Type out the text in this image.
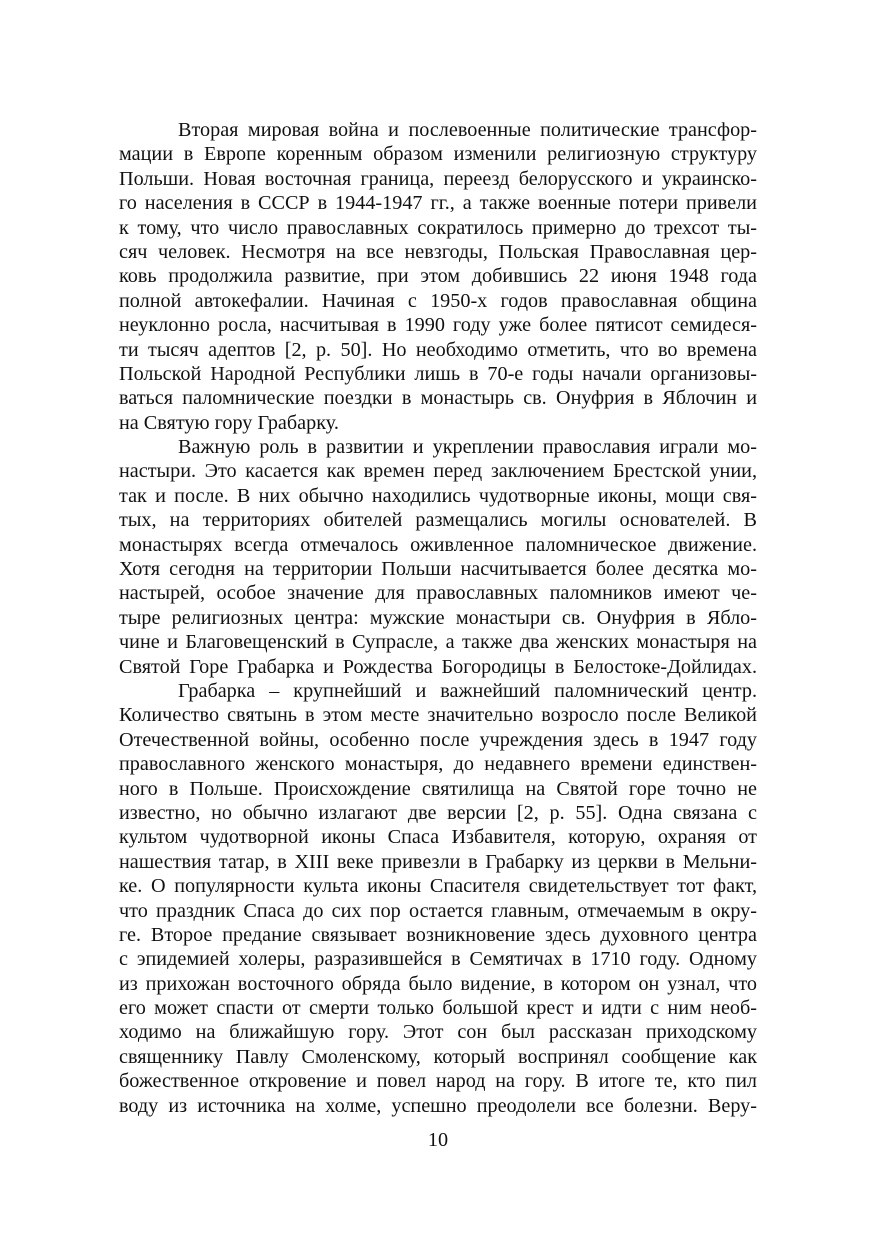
Вторая мировая война и послевоенные политические трансфор-
мации в Европе коренным образом изменили религиозную структуру
Польши. Новая восточная граница, переезд белорусского и украинско-
го населения в СССР в 1944-1947 гг., а также военные потери привели
к тому, что число православных сократилось примерно до трехсот ты-
сяч человек. Несмотря на все невзгоды, Польская Православная цер-
ковь продолжила развитие, при этом добившись 22 июня 1948 года
полной автокефалии. Начиная с 1950-х годов православная община
неуклонно росла, насчитывая в 1990 году уже более пятисот семидеся-
ти тысяч адептов [2, p. 50]. Но необходимо отметить, что во времена
Польской Народной Республики лишь в 70-е годы начали организовы-
ваться паломнические поездки в монастырь св. Онуфрия в Яблочин и
на Святую гору Грабарку.
Важную роль в развитии и укреплении православия играли мо-
настыри. Это касается как времен перед заключением Брестской унии,
так и после. В них обычно находились чудотворные иконы, мощи свя-
тых, на территориях обителей размещались могилы основателей. В
монастырях всегда отмечалось оживленное паломническое движение.
Хотя сегодня на территории Польши насчитывается более десятка мо-
настырей, особое значение для православных паломников имеют че-
тыре религиозных центра: мужские монастыри св. Онуфрия в Ябло-
чине и Благовещенский в Супрасле, а также два женских монастыря на
Святой Горе Грабарка и Рождества Богородицы в Белостоке-Дойлидах.
Грабарка – крупнейший и важнейший паломнический центр.
Количество святынь в этом месте значительно возросло после Великой
Отечественной войны, особенно после учреждения здесь в 1947 году
православного женского монастыря, до недавнего времени единствен-
ного в Польше. Происхождение святилища на Святой горе точно не
известно, но обычно излагают две версии [2, p. 55]. Одна связана с
культом чудотворной иконы Спаса Избавителя, которую, охраняя от
нашествия татар, в XIII веке привезли в Грабарку из церкви в Мельни-
ке. О популярности культа иконы Спасителя свидетельствует тот факт,
что праздник Спаса до сих пор остается главным, отмечаемым в окру-
ге. Второе предание связывает возникновение здесь духовного центра
с эпидемией холеры, разразившейся в Семятичах в 1710 году. Одному
из прихожан восточного обряда было видение, в котором он узнал, что
его может спасти от смерти только большой крест и идти с ним необ-
ходимо на ближайшую гору. Этот сон был рассказан приходскому
священнику Павлу Смоленскому, который воспринял сообщение как
божественное откровение и повел народ на гору. В итоге те, кто пил
воду из источника на холме, успешно преодолели все болезни. Веру-
10
